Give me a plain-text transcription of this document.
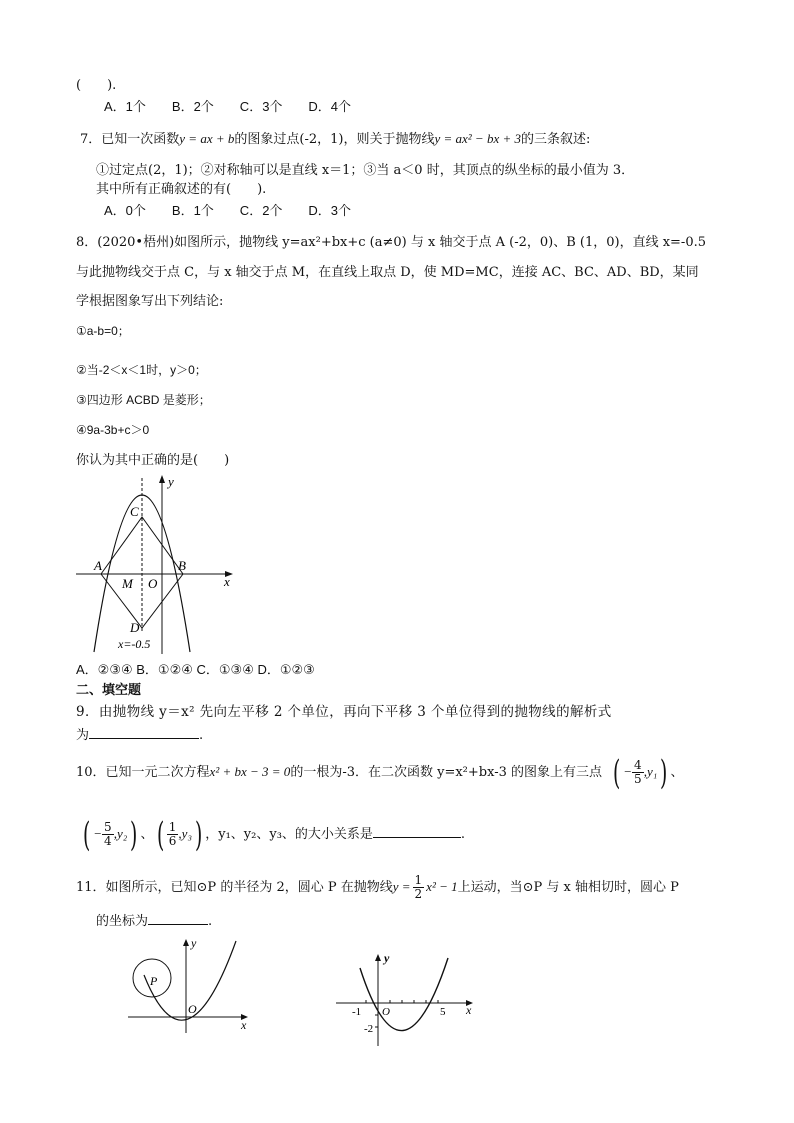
(　　).
A．1个　　B．2个　　C．3个　　D．4个
7．已知一次函数y = ax + b的图象过点(-2，1)，则关于抛物线y = ax² − bx + 3的三条叙述:
①过定点(2，1)；②对称轴可以是直线 x＝1；③当 a＜0 时，其顶点的纵坐标的最小值为 3．
其中所有正确叙述的有(　　).
A．0个　　B．1个　　C．2个　　D．3个
8．(2020•梧州)如图所示，抛物线 y=ax²+bx+c (a≠0) 与 x 轴交于点 A (-2，0)、B (1，0)，直线 x=-0.5
与此抛物线交于点 C，与 x 轴交于点 M，在直线上取点 D，使 MD=MC，连接 AC、BC、AD、BD，某同
学根据图象写出下列结论:
①a-b=0；
②当-2＜x＜1时，y＞0；
③四边形 ACBD 是菱形；
④9a-3b+c＞0
你认为其中正确的是(　　)
y
x
C
A	B
M O
D
x=-0.5
A．②③④ B．①②④ C．①③④ D．①②③
二、填空题
9．由抛物线 y＝x² 先向左平移 2 个单位，再向下平移 3 个单位得到的抛物线的解析式
为	.
10．已知一元二次方程x² + bx − 3 = 0的一根为-3．在二次函数 y=x²+bx-3 的图象上有三点 ( − $\frac{4}{5} ,y_1$) 、
( − $\frac{5}{4} ,y_2$) 、( $\frac{1}{6} ,y_3$) ，y₁、y₂、y₃、的大小关系是	.
11．如图所示，已知⊙P 的半径为 2，圆心 P 在抛物线$y = \frac{1}{2} x^2 - 1$上运动，当⊙P 与 x 轴相切时，圆心 P
的坐标为	.
y
x
O
P
y
x
O
-1	5
-2
